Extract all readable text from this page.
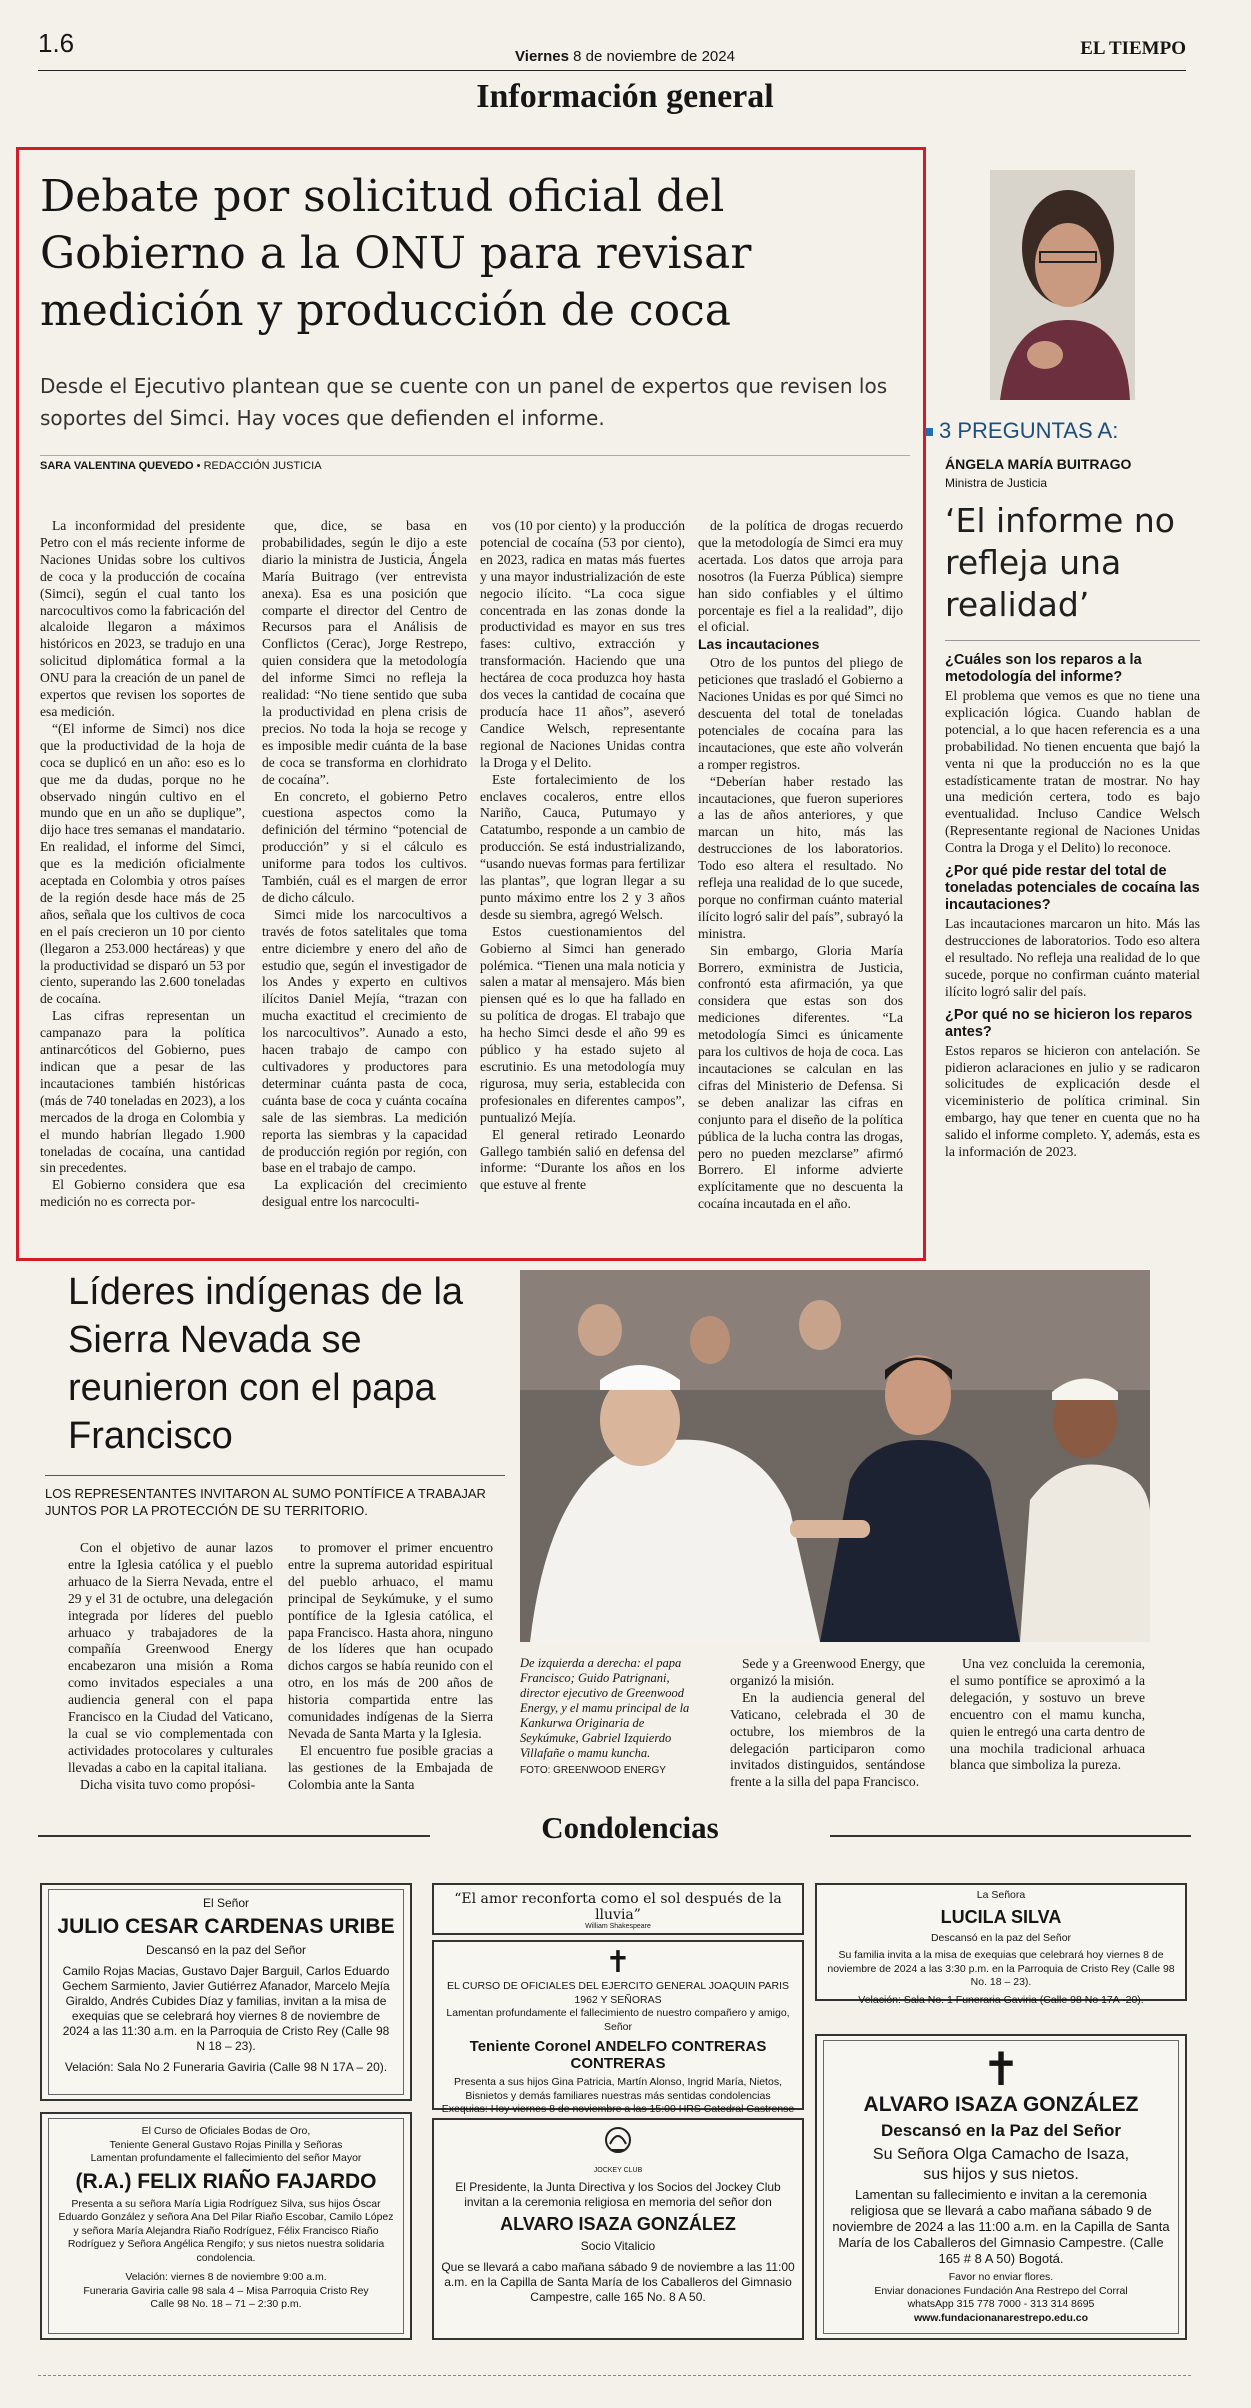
1.6	Viernes 8 de noviembre de 2024	EL TIEMPO
Información general
Debate por solicitud oficial del Gobierno a la ONU para revisar medición y producción de coca
Desde el Ejecutivo plantean que se cuente con un panel de expertos que revisen los soportes del Simci. Hay voces que defienden el informe.
SARA VALENTINA QUEVEDO • REDACCIÓN JUSTICIA

La inconformidad del presidente Petro con el más reciente informe de Naciones Unidas sobre los cultivos de coca y la producción de cocaína (Simci), según el cual tanto los narcocultivos como la fabricación del alcaloide llegaron a máximos históricos en 2023, se tradujo en una solicitud diplomática formal a la ONU para la creación de un panel de expertos que revisen los soportes de esa medición.

“(El informe de Simci) nos dice que la productividad de la hoja de coca se duplicó en un año: eso es lo que me da dudas, porque no he observado ningún cultivo en el mundo que en un año se duplique”, dijo hace tres semanas el mandatario. En realidad, el informe del Simci, que es la medición oficialmente aceptada en Colombia y otros países de la región desde hace más de 25 años, señala que los cultivos de coca en el país crecieron un 10 por ciento (llegaron a 253.000 hectáreas) y que la productividad se disparó un 53 por ciento, superando las 2.600 toneladas de cocaína.

Las cifras representan un campanazo para la política antinarcóticos del Gobierno, pues indican que a pesar de las incautaciones también históricas (más de 740 toneladas en 2023), a los mercados de la droga en Colombia y el mundo habrían llegado 1.900 toneladas de cocaína, una cantidad sin precedentes.

El Gobierno considera que esa medición no es correcta por-

que, dice, se basa en probabilidades, según le dijo a este diario la ministra de Justicia, Ángela María Buitrago (ver entrevista anexa). Esa es una posición que comparte el director del Centro de Recursos para el Análisis de Conflictos (Cerac), Jorge Restrepo, quien considera que la metodología del informe Simci no refleja la realidad: “No tiene sentido que suba la productividad en plena crisis de precios. No toda la hoja se recoge y es imposible medir cuánta de la base de coca se transforma en clorhidrato de cocaína”.

En concreto, el gobierno Petro cuestiona aspectos como la definición del término “potencial de producción” y si el cálculo es uniforme para todos los cultivos. También, cuál es el margen de error de dicho cálculo.

Simci mide los narcocultivos a través de fotos satelitales que toma entre diciembre y enero del año de estudio que, según el investigador de los Andes y experto en cultivos ilícitos Daniel Mejía, “trazan con mucha exactitud el crecimiento de los narcocultivos”. Aunado a esto, hacen trabajo de campo con cultivadores y productores para determinar cuánta pasta de coca, cuánta base de coca y cuánta cocaína sale de las siembras. La medición reporta las siembras y la capacidad de producción región por región, con base en el trabajo de campo.

La explicación del crecimiento desigual entre los narcoculti-

vos (10 por ciento) y la producción potencial de cocaína (53 por ciento), en 2023, radica en matas más fuertes y una mayor industrialización de este negocio ilícito. “La coca sigue concentrada en las zonas donde la productividad es mayor en sus tres fases: cultivo, extracción y transformación. Haciendo que una hectárea de coca produzca hoy hasta dos veces la cantidad de cocaína que producía hace 11 años”, aseveró Candice Welsch, representante regional de Naciones Unidas contra la Droga y el Delito.

Este fortalecimiento de los enclaves cocaleros, entre ellos Nariño, Cauca, Putumayo y Catatumbo, responde a un cambio de producción. Se está industrializando, “usando nuevas formas para fertilizar las plantas”, que logran llegar a su punto máximo entre los 2 y 3 años desde su siembra, agregó Welsch.

Estos cuestionamientos del Gobierno al Simci han generado polémica. “Tienen una mala noticia y salen a matar al mensajero. Más bien piensen qué es lo que ha fallado en su política de drogas. El trabajo que ha hecho Simci desde el año 99 es público y ha estado sujeto al escrutinio. Es una metodología muy rigurosa, muy seria, establecida con profesionales en diferentes campos”, puntualizó Mejía.

El general retirado Leonardo Gallego también salió en defensa del informe: “Durante los años en los que estuve al frente

de la política de drogas recuerdo que la metodología de Simci era muy acertada. Los datos que arroja para nosotros (la Fuerza Pública) siempre han sido confiables y el último porcentaje es fiel a la realidad”, dijo el oficial.

Las incautaciones

Otro de los puntos del pliego de peticiones que trasladó el Gobierno a Naciones Unidas es por qué Simci no descuenta del total de toneladas potenciales de cocaína para las incautaciones, que este año volverán a romper registros.

“Deberían haber restado las incautaciones, que fueron superiores a las de años anteriores, y que marcan un hito, más las destrucciones de los laboratorios. Todo eso altera el resultado. No refleja una realidad de lo que sucede, porque no confirman cuánto material ilícito logró salir del país”, subrayó la ministra.

Sin embargo, Gloria María Borrero, exministra de Justicia, confrontó esta afirmación, ya que considera que estas son dos mediciones diferentes. “La metodología Simci es únicamente para los cultivos de hoja de coca. Las incautaciones se calculan en las cifras del Ministerio de Defensa. Si se deben analizar las cifras en conjunto para el diseño de la política pública de la lucha contra las drogas, pero no pueden mezclarse” afirmó Borrero. El informe advierte explícitamente que no descuenta la cocaína incautada en el año.

3 PREGUNTAS A:
ÁNGELA MARÍA BUITRAGO
Ministra de Justicia
‘El informe no refleja una realidad’
¿Cuáles son los reparos a la metodología del informe?

El problema que vemos es que no tiene una explicación lógica. Cuando hablan de potencial, a lo que hacen referencia es a una probabilidad. No tienen encuenta que bajó la venta ni que la producción no es la que estadísticamente tratan de mostrar. No hay una medición certera, todo es bajo eventualidad. Incluso Candice Welsch (Representante regional de Naciones Unidas Contra la Droga y el Delito) lo reconoce.

¿Por qué pide restar del total de toneladas potenciales de cocaína las incautaciones?

Las incautaciones marcaron un hito. Más las destrucciones de laboratorios. Todo eso altera el resultado. No refleja una realidad de lo que sucede, porque no confirman cuánto material ilícito logró salir del país.

¿Por qué no se hicieron los reparos antes?

Estos reparos se hicieron con antelación. Se pidieron aclaraciones en julio y se radicaron solicitudes de explicación desde el viceministerio de política criminal. Sin embargo, hay que tener en cuenta que no ha salido el informe completo. Y, además, esta es la información de 2023.

Líderes indígenas de la Sierra Nevada se reunieron con el papa Francisco
LOS REPRESENTANTES INVITARON AL SUMO PONTÍFICE A TRABAJAR JUNTOS POR LA PROTECCIÓN DE SU TERRITORIO.

Con el objetivo de aunar lazos entre la Iglesia católica y el pueblo arhuaco de la Sierra Nevada, entre el 29 y el 31 de octubre, una delegación integrada por líderes del pueblo arhuaco y trabajadores de la compañía Greenwood Energy encabezaron una misión a Roma como invitados especiales a una audiencia general con el papa Francisco en la Ciudad del Vaticano, la cual se vio complementada con actividades protocolares y culturales llevadas a cabo en la capital italiana.

Dicha visita tuvo como propósi-

to promover el primer encuentro entre la suprema autoridad espiritual del pueblo arhuaco, el mamu principal de Seykúmuke, y el sumo pontífice de la Iglesia católica, el papa Francisco. Hasta ahora, ninguno de los líderes que han ocupado dichos cargos se había reunido con el otro, en los más de 200 años de historia compartida entre las comunidades indígenas de la Sierra Nevada de Santa Marta y la Iglesia.

El encuentro fue posible gracias a las gestiones de la Embajada de Colombia ante la Santa

De izquierda a derecha: el papa Francisco; Guido Patrignani, director ejecutivo de Greenwood Energy, y el mamu principal de la Kankurwa Originaria de Seykúmuke, Gabriel Izquierdo Villafañe o mamu kuncha.
FOTO: GREENWOOD ENERGY

Sede y a Greenwood Energy, que organizó la misión.

En la audiencia general del Vaticano, celebrada el 30 de octubre, los miembros de la delegación participaron como invitados distinguidos, sentándose frente a la silla del papa Francisco.

Una vez concluida la ceremonia, el sumo pontífice se aproximó a la delegación, y sostuvo un breve encuentro con el mamu kuncha, quien le entregó una carta dentro de una mochila tradicional arhuaca blanca que simboliza la pureza.

Condolencias

El Señor

JULIO CESAR CARDENAS URIBE

Descansó en la paz del Señor

Camilo Rojas Macias, Gustavo Dajer Barguil, Carlos Eduardo Gechem Sarmiento, Javier Gutiérrez Afanador, Marcelo Mejía Giraldo, Andrés Cubides Díaz y familias, invitan a la misa de exequias que se celebrará hoy viernes 8 de noviembre de 2024 a las 11:30 a.m. en la Parroquia de Cristo Rey (Calle 98 N 18 – 23).

Velación: Sala No 2 Funeraria Gaviria (Calle 98 N 17A – 20).

El Curso de Oficiales Bodas de Oro,

Teniente General Gustavo Rojas Pinilla y Señoras

Lamentan profundamente el fallecimiento del señor Mayor

(R.A.) FELIX RIAÑO FAJARDO

Presenta a su señora María Ligia Rodríguez Silva, sus hijos Óscar Eduardo González y señora Ana Del Pilar Riaño Escobar, Camilo López y señora María Alejandra Riaño Rodríguez, Félix Francisco Riaño Rodríguez y Señora Angélica Rengifo; y sus nietos nuestra solidaria condolencia.

Velación: viernes 8 de noviembre 9:00 a.m.

Funeraria Gaviria calle 98 sala 4 – Misa Parroquia Cristo Rey

Calle 98 No. 18 – 71 – 2:30 p.m.

“El amor reconforta como el sol después de la lluvia”

William Shakespeare

✝

EL CURSO DE OFICIALES DEL EJERCITO GENERAL JOAQUIN PARIS 1962 Y SEÑORAS

Lamentan profundamente el fallecimiento de nuestro compañero y amigo, Señor

Teniente Coronel ANDELFO CONTRERAS CONTRERAS

Presenta a sus hijos Gina Patricia, Martín Alonso, Ingrid María, Nietos, Bisnietos y demás familiares nuestras más sentidas condolencias

Exequias: Hoy viernes 8 de noviembre a las 15:00 HRS Catedral Castrense

JOCKEY CLUB

El Presidente, la Junta Directiva y los Socios del Jockey Club invitan a la ceremonia religiosa en memoria del señor don

ALVARO ISAZA GONZÁLEZ

Socio Vitalicio

Que se llevará a cabo mañana sábado 9 de noviembre a las 11:00 a.m. en la Capilla de Santa María de los Caballeros del Gimnasio Campestre, calle 165 No. 8 A 50.

La Señora

LUCILA SILVA

Descansó en la paz del Señor

Su familia invita a la misa de exequias que celebrará hoy viernes 8 de noviembre de 2024 a las 3:30 p.m. en la Parroquia de Cristo Rey (Calle 98 No. 18 – 23).

Velación: Sala No. 1 Funeraria Gaviria (Calle 98 No 17A -20).

✝
ALVARO ISAZA GONZÁLEZ
Descansó en la Paz del Señor

Su Señora Olga Camacho de Isaza,

sus hijos y sus nietos.

Lamentan su fallecimiento e invitan a la ceremonia religiosa que se llevará a cabo mañana sábado 9 de noviembre de 2024 a las 11:00 a.m. en la Capilla de Santa María de los Caballeros del Gimnasio Campestre. (Calle 165 # 8 A 50) Bogotá.

Favor no enviar flores.

Enviar donaciones Fundación Ana Restrepo del Corral

whatsApp 315 778 7000 - 313 314 8695

www.fundacionanarestrepo.edu.co
